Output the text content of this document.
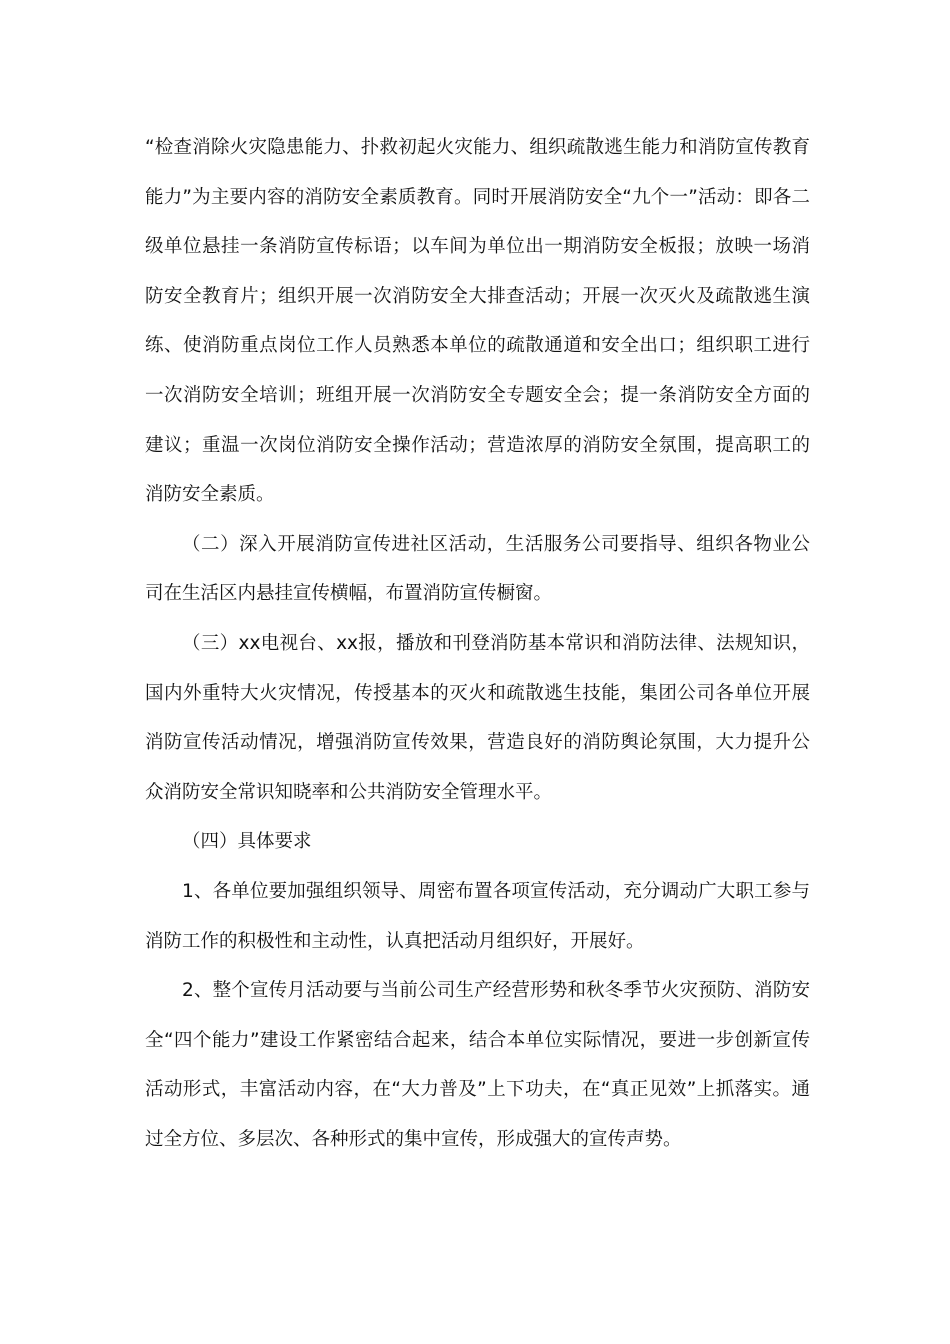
“检查消除火灾隐患能力、扑救初起火灾能力、组织疏散逃生能力和消防宣传教育能力”为主要内容的消防安全素质教育。同时开展消防安全“九个一”活动：即各二级单位悬挂一条消防宣传标语；以车间为单位出一期消防安全板报；放映一场消防安全教育片；组织开展一次消防安全大排查活动；开展一次灭火及疏散逃生演练、使消防重点岗位工作人员熟悉本单位的疏散通道和安全出口；组织职工进行一次消防安全培训；班组开展一次消防安全专题安全会；提一条消防安全方面的建议；重温一次岗位消防安全操作活动；营造浓厚的消防安全氛围，提高职工的消防安全素质。

（二）深入开展消防宣传进社区活动，生活服务公司要指导、组织各物业公司在生活区内悬挂宣传横幅，布置消防宣传橱窗。

（三）xx电视台、xx报，播放和刊登消防基本常识和消防法律、法规知识，国内外重特大火灾情况，传授基本的灭火和疏散逃生技能，集团公司各单位开展消防宣传活动情况，增强消防宣传效果，营造良好的消防舆论氛围，大力提升公众消防安全常识知晓率和公共消防安全管理水平。

（四）具体要求

1、各单位要加强组织领导、周密布置各项宣传活动，充分调动广大职工参与消防工作的积极性和主动性，认真把活动月组织好，开展好。

2、整个宣传月活动要与当前公司生产经营形势和秋冬季节火灾预防、消防安全“四个能力”建设工作紧密结合起来，结合本单位实际情况，要进一步创新宣传活动形式，丰富活动内容，在“大力普及”上下功夫，在“真正见效”上抓落实。通过全方位、多层次、各种形式的集中宣传，形成强大的宣传声势。
